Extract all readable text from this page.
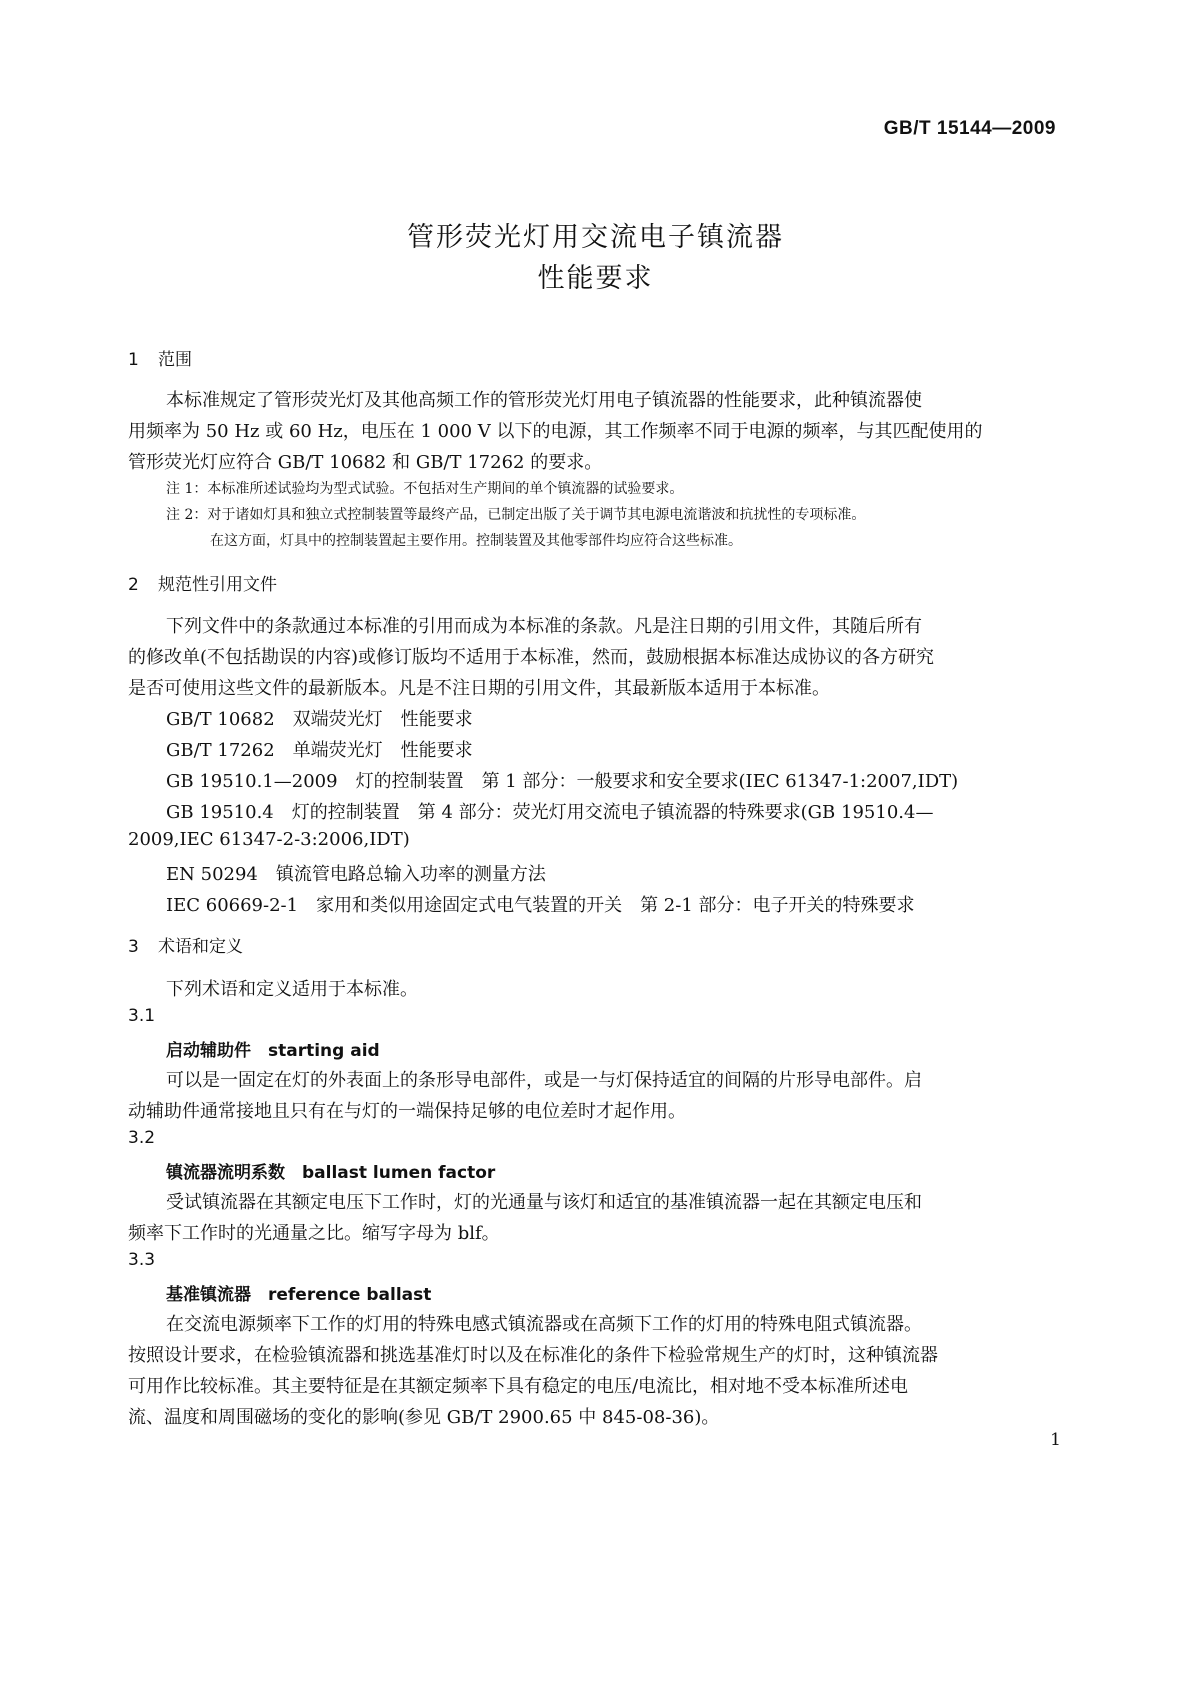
GB/T 15144—2009
管形荧光灯用交流电子镇流器
性能要求
1 范围
本标准规定了管形荧光灯及其他高频工作的管形荧光灯用电子镇流器的性能要求，此种镇流器使
用频率为 50 Hz 或 60 Hz，电压在 1 000 V 以下的电源，其工作频率不同于电源的频率，与其匹配使用的
管形荧光灯应符合 GB/T 10682 和 GB/T 17262 的要求。
注 1：本标准所述试验均为型式试验。不包括对生产期间的单个镇流器的试验要求。
注 2：对于诸如灯具和独立式控制装置等最终产品，已制定出版了关于调节其电源电流谐波和抗扰性的专项标准。
在这方面，灯具中的控制装置起主要作用。控制装置及其他零部件均应符合这些标准。
2 规范性引用文件
下列文件中的条款通过本标准的引用而成为本标准的条款。凡是注日期的引用文件，其随后所有
的修改单(不包括勘误的内容)或修订版均不适用于本标准，然而，鼓励根据本标准达成协议的各方研究
是否可使用这些文件的最新版本。凡是不注日期的引用文件，其最新版本适用于本标准。
GB/T 10682　双端荧光灯　性能要求
GB/T 17262　单端荧光灯　性能要求
GB 19510.1—2009　灯的控制装置　第 1 部分：一般要求和安全要求(IEC 61347-1:2007,IDT)
GB 19510.4　灯的控制装置　第 4 部分：荧光灯用交流电子镇流器的特殊要求(GB 19510.4—
2009,IEC 61347-2-3:2006,IDT)
EN 50294　镇流管电路总输入功率的测量方法
IEC 60669-2-1　家用和类似用途固定式电气装置的开关　第 2-1 部分：电子开关的特殊要求
3 术语和定义
下列术语和定义适用于本标准。
3.1
启动辅助件　starting aid
可以是一固定在灯的外表面上的条形导电部件，或是一与灯保持适宜的间隔的片形导电部件。启
动辅助件通常接地且只有在与灯的一端保持足够的电位差时才起作用。
3.2
镇流器流明系数　ballast lumen factor
受试镇流器在其额定电压下工作时，灯的光通量与该灯和适宜的基准镇流器一起在其额定电压和
频率下工作时的光通量之比。缩写字母为 blf。
3.3
基准镇流器　reference ballast
在交流电源频率下工作的灯用的特殊电感式镇流器或在高频下工作的灯用的特殊电阻式镇流器。
按照设计要求，在检验镇流器和挑选基准灯时以及在标准化的条件下检验常规生产的灯时，这种镇流器
可用作比较标准。其主要特征是在其额定频率下具有稳定的电压/电流比，相对地不受本标准所述电
流、温度和周围磁场的变化的影响(参见 GB/T 2900.65 中 845-08-36)。
1
